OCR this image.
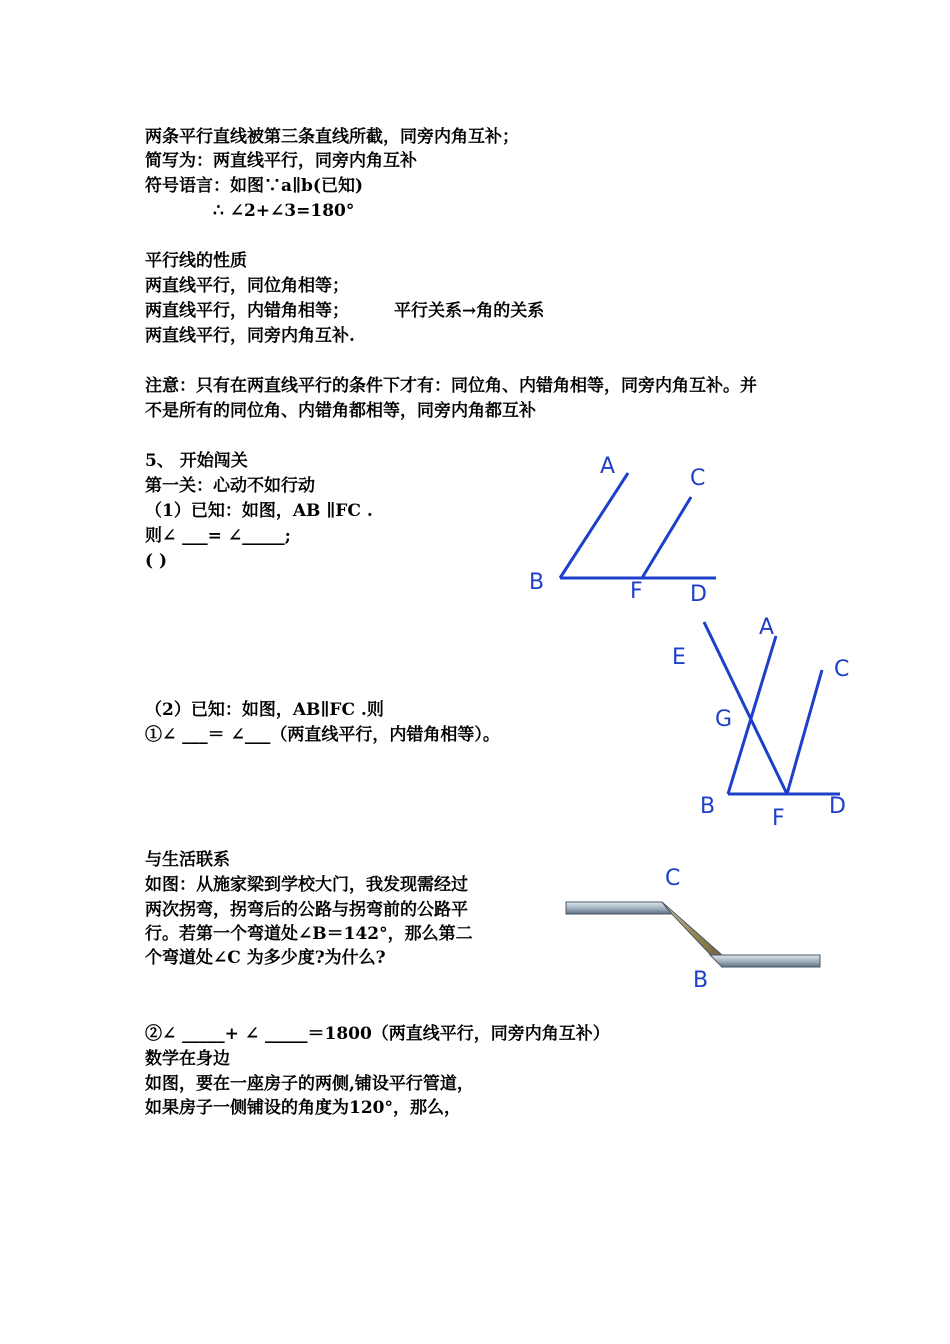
两条平行直线被第三条直线所截，同旁内角互补；
简写为：两直线平行，同旁内角互补
符号语言：如图∵a∥b(已知)
∴ ∠2+∠3=180°
平行线的性质
两直线平行，同位角相等；
两直线平行，内错角相等；	平行关系→角的关系
两直线平行，同旁内角互补.
注意：只有在两直线平行的条件下才有：同位角、内错角相等，同旁内角互补。并
不是所有的同位角、内错角都相等，同旁内角都互补
5、 开始闯关
第一关：心动不如行动
（1）已知：如图，AB ∥FC .
则∠ ___= ∠_____;
( )
（2）已知：如图，AB∥FC .则
①∠ ___＝ ∠___（两直线平行，内错角相等）。
与生活联系
如图：从施家梁到学校大门，我发现需经过
两次拐弯，拐弯后的公路与拐弯前的公路平
行。若第一个弯道处∠B＝142°，那么第二
个弯道处∠C 为多少度?为什么?
②∠ _____+ ∠ _____＝1800（两直线平行，同旁内角互补）
数学在身边
如图，要在一座房子的两侧,铺设平行管道，
如果房子一侧铺设的角度为120°，那么，
A	C
B	F D
A
E	C
G
B	D
F
C
B
